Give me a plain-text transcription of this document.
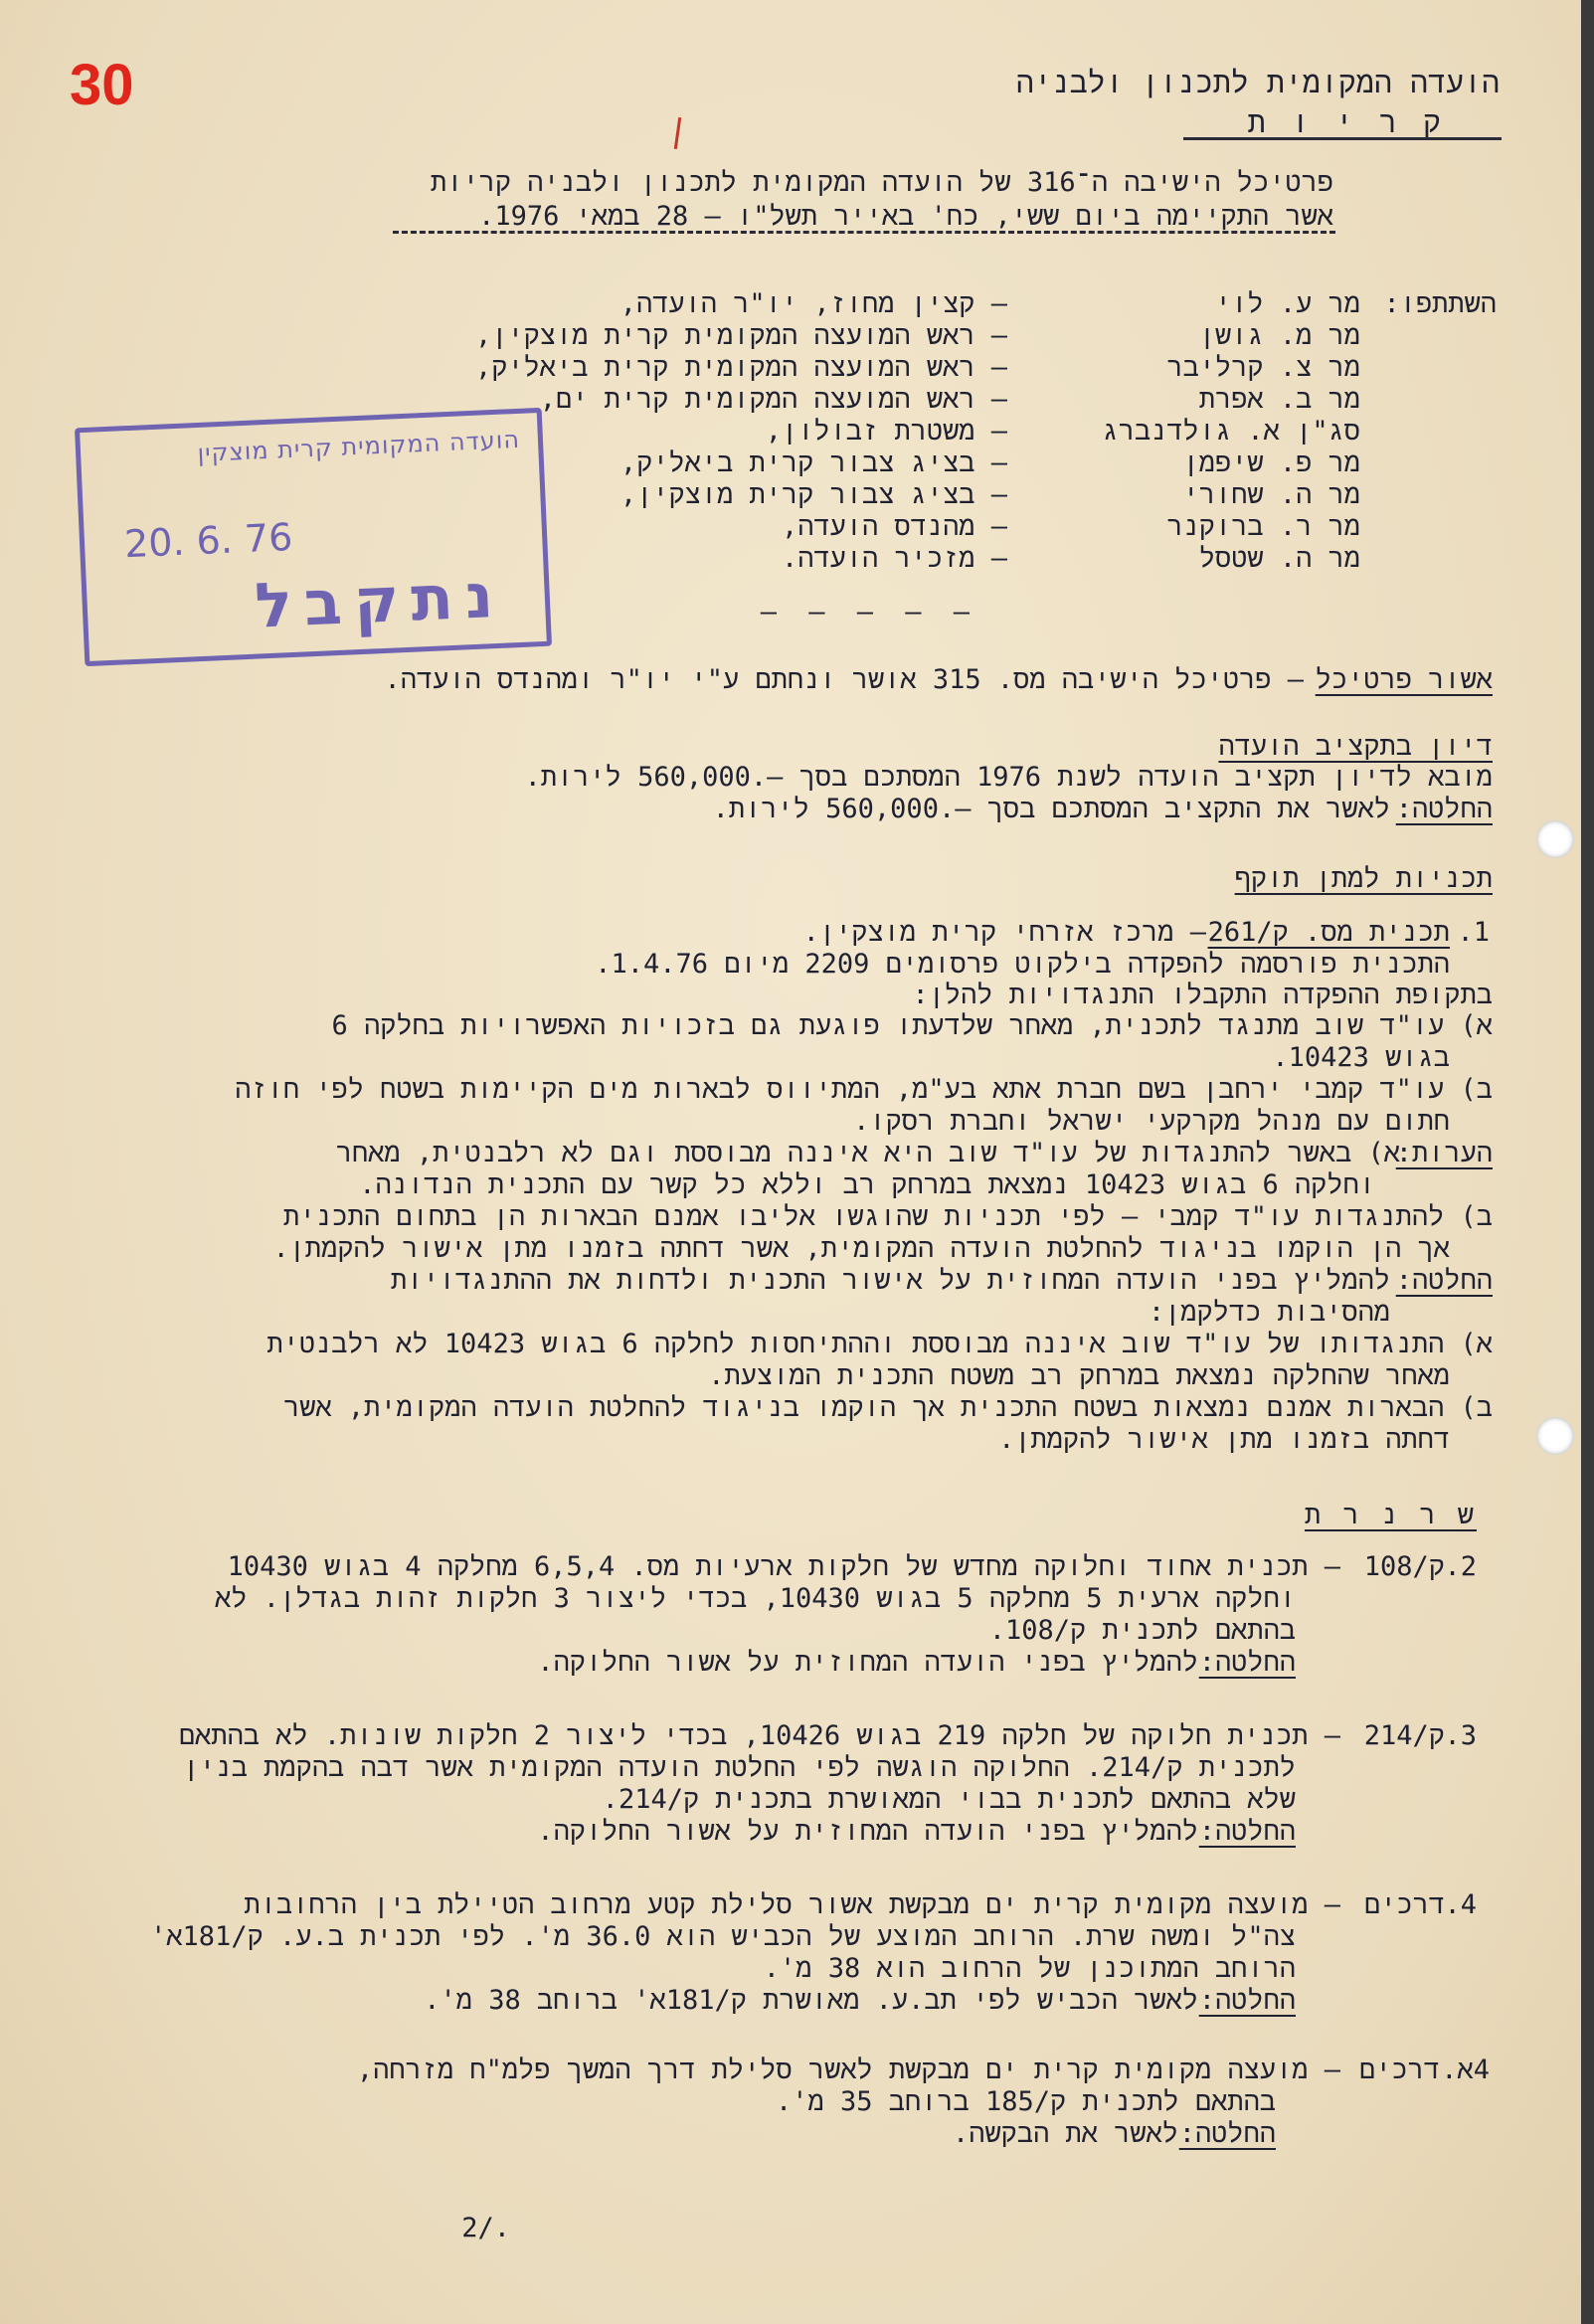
30	הועדה המקומית לתכנון ולבניה
ק ר י ו ת
פרטיכל הישיבה ה־316 של הועדה המקומית לתכנון ולבניה קריות
אשר התקיימה ביום ששי, כח' באייר תשל"ו – 28 במאי 1976.
השתתפו:
מר ע. לוי
– קצין מחוז, יו"ר הועדה,
מר מ. גושן
– ראש המועצה המקומית קרית מוצקין,
מר צ. קרליבר
– ראש המועצה המקומית קרית ביאליק,
מר ב. אפרת
– ראש המועצה המקומית קרית ים,
סג"ן א. גולדנברג
– משטרת זבולון,
מר פ. שיפמן
– בציג צבור קרית ביאליק,
מר ה. שחורי
– בציג צבור קרית מוצקין,
מר ר. ברוקנר
– מהנדס הועדה,
מר ה. שטסל
– מזכיר הועדה.
– – – – –
הועדה המקומית קרית מוצקין
20. 6. 76
נתקבל
אשור פרטיכל
– פרטיכל הישיבה מס. 315 אושר ונחתם ע"י יו"ר ומהנדס הועדה.
דיון בתקציב הועדה
מובא לדיון תקציב הועדה לשנת 1976 המסתכם בסך –.560,000 לירות.
החלטה:
לאשר את התקציב המסתכם בסך –.560,000 לירות.
תכניות למתן תוקף
1.
תכנית מס. ק/261
– מרכז אזרחי קרית מוצקין.
התכנית פורסמה להפקדה בילקוט פרסומים 2209 מיום 1.4.76.
בתקופת ההפקדה התקבלו התנגדויות להלן:
א) עו"ד שוב מתנגד לתכנית, מאחר שלדעתו פוגעת גם בזכויות האפשרויות בחלקה 6
בגוש 10423.
ב) עו"ד קמבי ירחבן בשם חברת אתא בע"מ, המתיווס לבארות מים הקיימות בשטח לפי חוזה
חתום עם מנהל מקרקעי ישראל וחברת רסקו.
הערות:
א) באשר להתנגדות של עו"ד שוב היא איננה מבוססת וגם לא רלבנטית, מאחר
וחלקה 6 בגוש 10423 נמצאת במרחק רב וללא כל קשר עם התכנית הנדונה.
ב) להתנגדות עו"ד קמבי – לפי תכניות שהוגשו אליבו אמנם הבארות הן בתחום התכנית
אך הן הוקמו בניגוד להחלטת הועדה המקומית, אשר דחתה בזמנו מתן אישור להקמתן.
החלטה:
להמליץ בפני הועדה המחוזית על אישור התכנית ולדחות את ההתנגדויות
מהסיבות כדלקמן:
א) התנגדותו של עו"ד שוב איננה מבוססת וההתיחסות לחלקה 6 בגוש 10423 לא רלבנטית
מאחר שהחלקה נמצאת במרחק רב משטח התכנית המוצעת.
ב) הבארות אמנם נמצאות בשטח התכנית אך הוקמו בניגוד להחלטת הועדה המקומית, אשר
דחתה בזמנו מתן אישור להקמתן.
ש ר נ ר ת
2.
ק/108
– תכנית אחוד וחלוקה מחדש של חלקות ארעיות מס. 6,5,4 מחלקה 4 בגוש 10430
וחלקה ארעית 5 מחלקה 5 בגוש 10430, בכדי ליצור 3 חלקות זהות בגדלן. לא
בהתאם לתכנית ק/108.
החלטה:
להמליץ בפני הועדה המחוזית על אשור החלוקה.
3.
ק/214
– תכנית חלוקה של חלקה 219 בגוש 10426, בכדי ליצור 2 חלקות שונות. לא בהתאם
לתכנית ק/214. החלוקה הוגשה לפי החלטת הועדה המקומית אשר דבה בהקמת בנין
שלא בהתאם לתכנית בבוי המאושרת בתכנית ק/214.
החלטה:
להמליץ בפני הועדה המחוזית על אשור החלוקה.
4.
דרכים
– מועצה מקומית קרית ים מבקשת אשור סלילת קטע מרחוב הטיילת בין הרחובות
צה"ל ומשה שרת. הרוחב המוצע של הכביש הוא 36.0 מ'. לפי תכנית ב.ע. ק/181א'
הרוחב המתוכנן של הרחוב הוא 38 מ'.
החלטה:
לאשר הכביש לפי תב.ע. מאושרת ק/181א' ברוחב 38 מ'.
4א.
דרכים
– מועצה מקומית קרית ים מבקשת לאשר סלילת דרך המשך פלמ"ח מזרחה,
בהתאם לתכנית ק/185 ברוחב 35 מ'.
החלטה:
לאשר את הבקשה.
2/.
